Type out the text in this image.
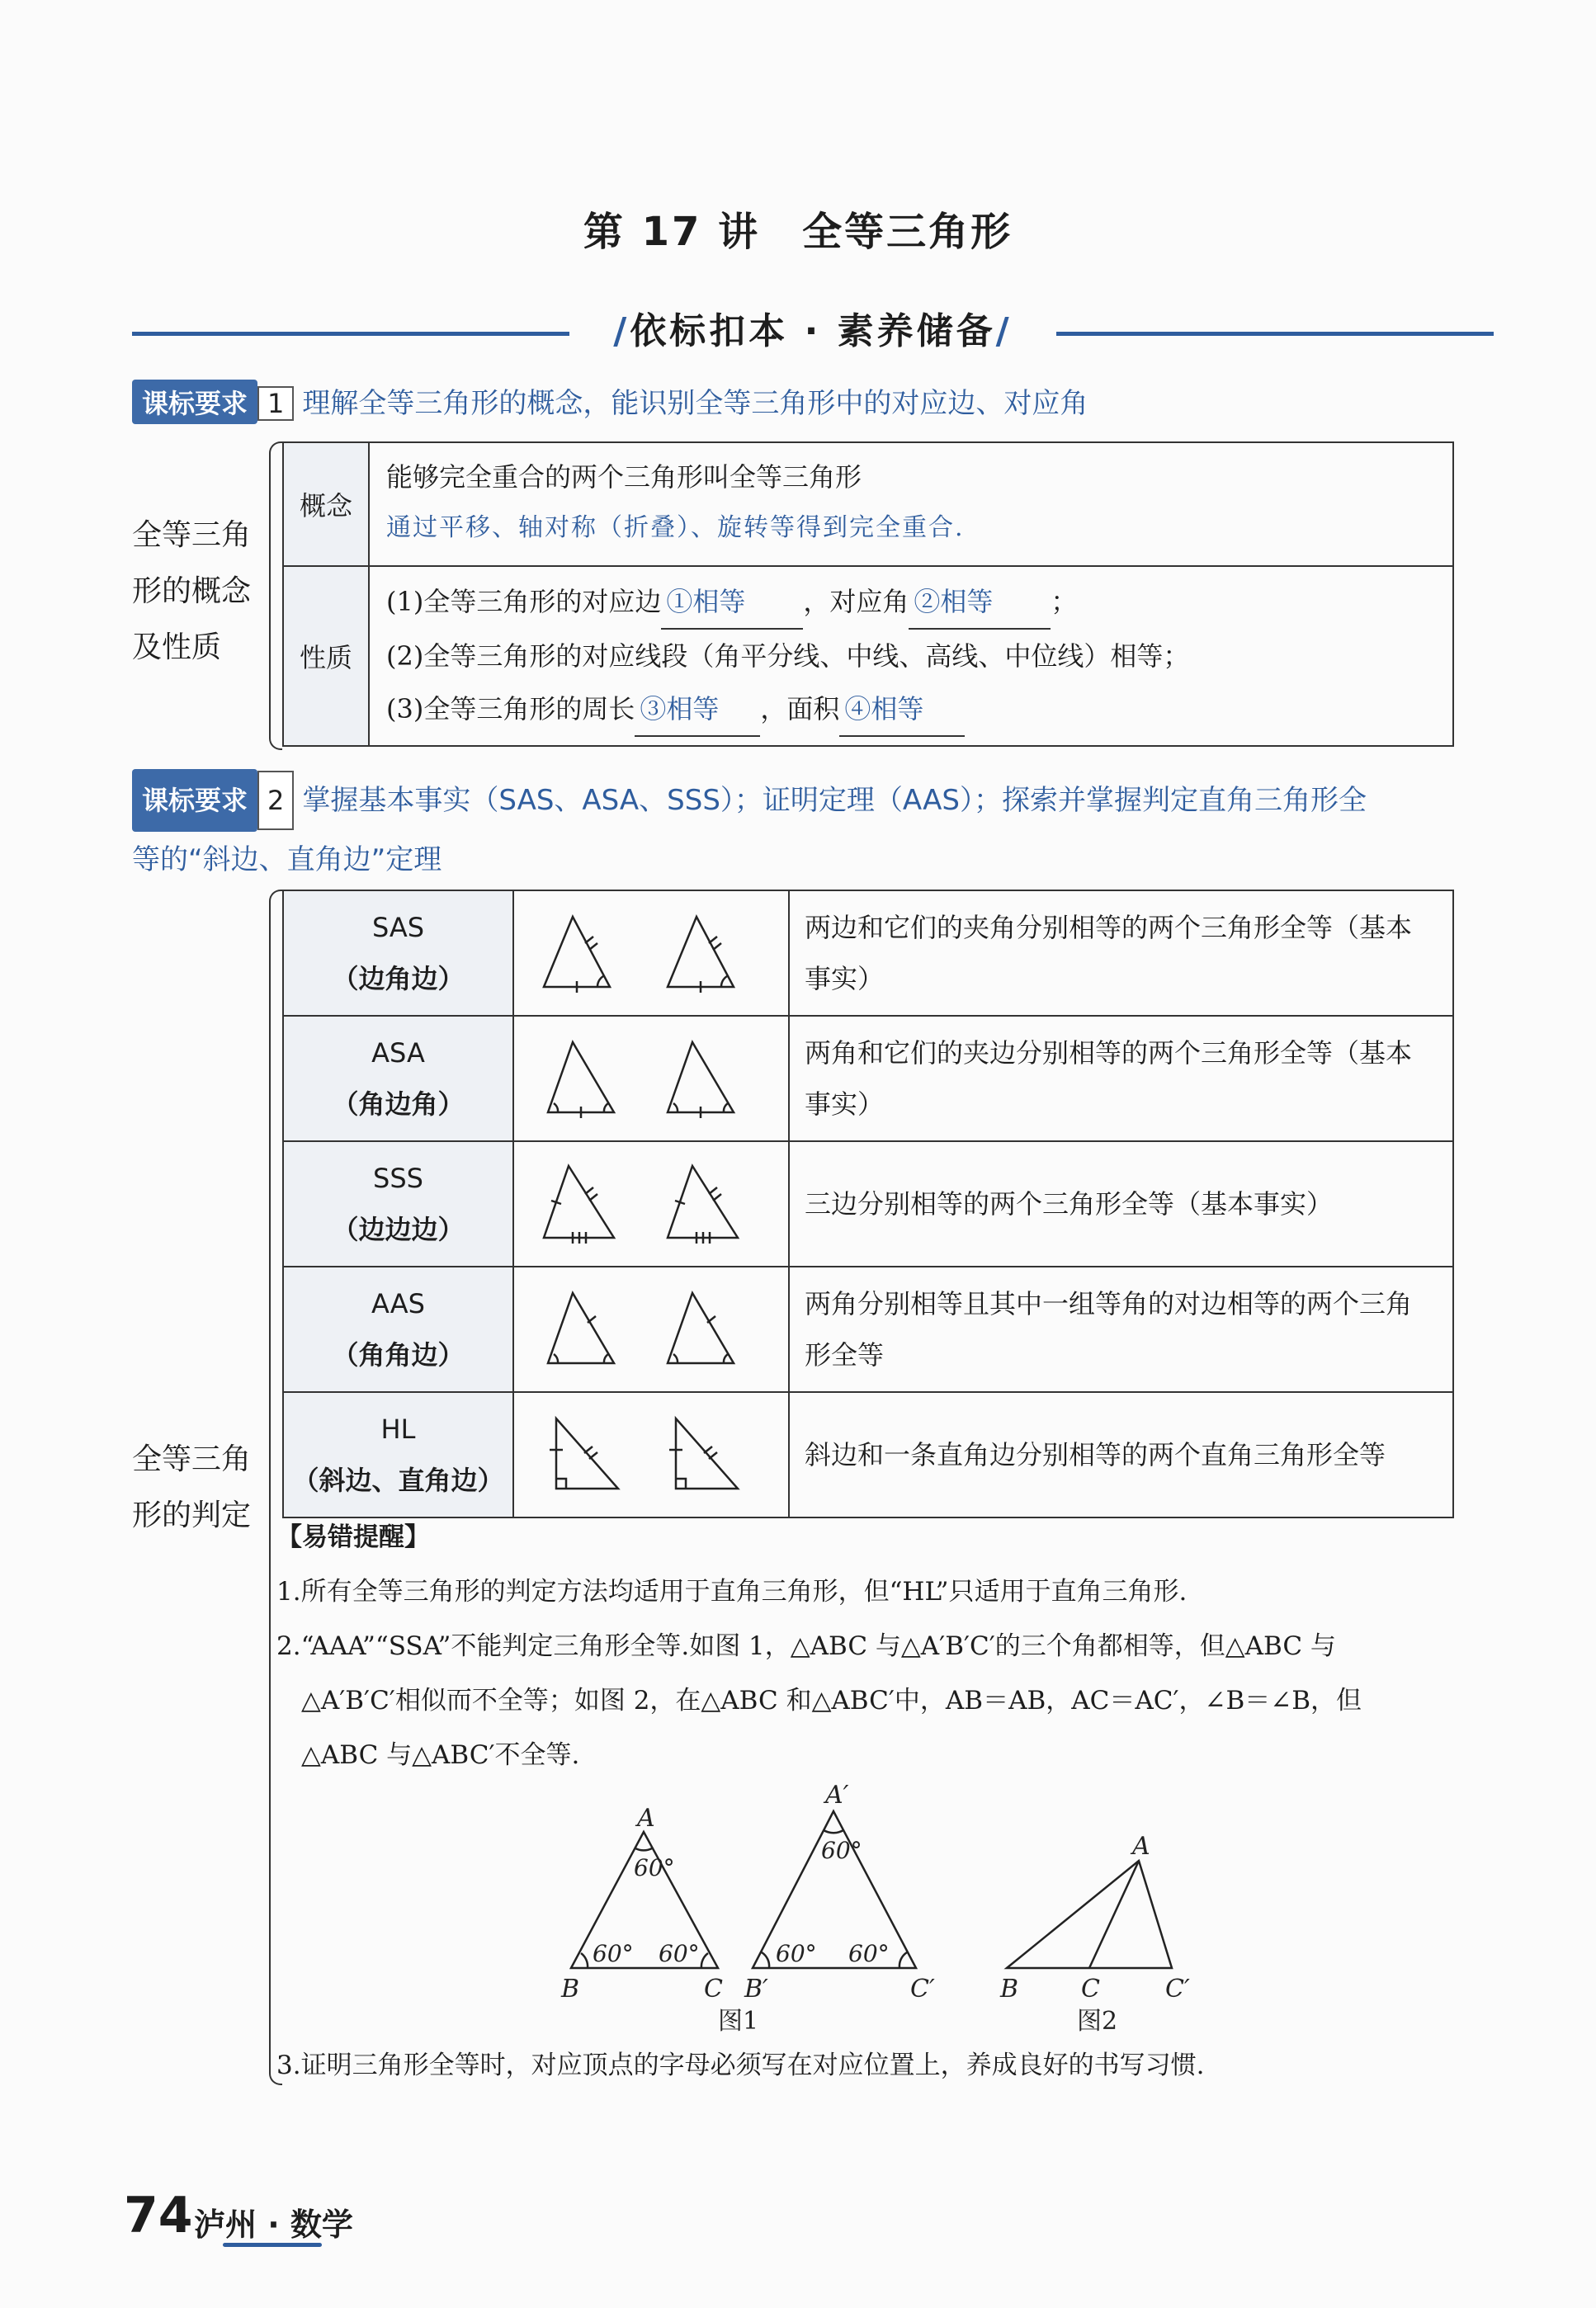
第 17 讲　全等三角形
/依标扣本 · 素养储备/
课标要求 1 理解全等三角形的概念，能识别全等三角形中的对应边、对应角
全等三角
形的概念
及性质
概念	能够完全重合的两个三角形叫全等三角形
通过平移、轴对称（折叠）、旋转等得到完全重合.

性质	(1)全等三角形的对应边 ①相等 ，对应角 ②相等 ；
(2)全等三角形的对应线段（角平分线、中线、高线、中位线）相等；
(3)全等三角形的周长 ③相等 ，面积 ④相等
课标要求 2 掌握基本事实（SAS、ASA、SSS）；证明定理（AAS）；探索并掌握判定直角三角形全
等的“斜边、直角边”定理
全等三角
形的判定
SAS
（边角边）		两边和它们的夹角分别相等的两个三角形全等（基本事实）

ASA
（角边角）		两角和它们的夹边分别相等的两个三角形全等（基本事实）

SSS
（边边边）		三边分别相等的两个三角形全等（基本事实）

AAS
（角角边）		两角分别相等且其中一组等角的对边相等的两个三角形全等

HL
（斜边、直角边）		斜边和一条直角边分别相等的两个直角三角形全等
【易错提醒】
1.所有全等三角形的判定方法均适用于直角三角形，但“HL”只适用于直角三角形.
2.“AAA”“SSA”不能判定三角形全等.如图 1，△ABC 与△A′B′C′的三个角都相等，但△ABC 与
△A′B′C′相似而不全等；如图 2，在△ABC 和△ABC′中，AB＝AB，AC＝AC′，∠B＝∠B，但
△ABC 与△ABC′不全等.
A
B	C
60°
60° 60°
A′
B′	C′
60°
60° 60°
A
B	C	C′
图1	图2
3.证明三角形全等时，对应顶点的字母必须写在对应位置上，养成良好的书写习惯.
74 泸州 · 数学
